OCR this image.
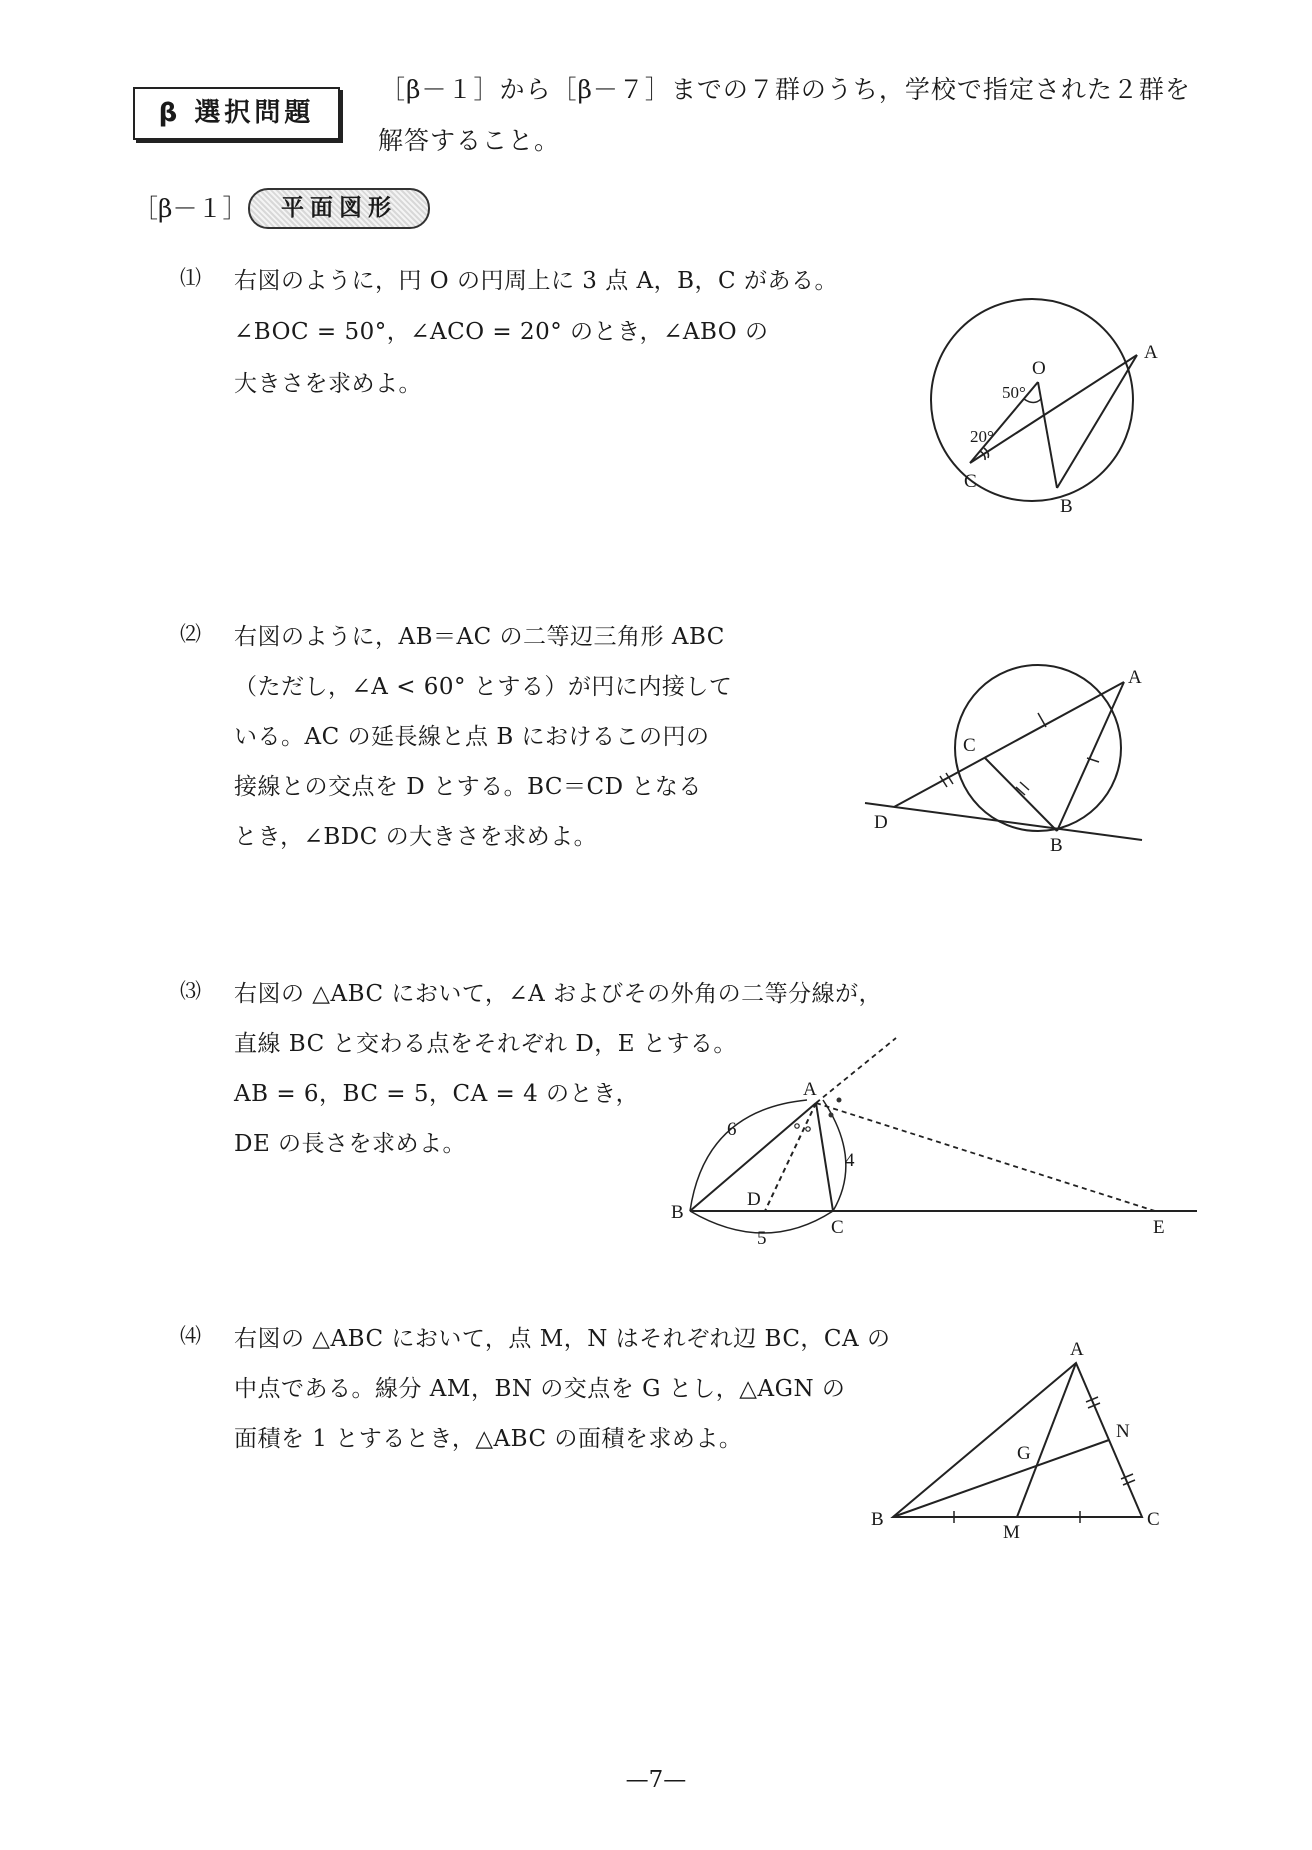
β 選択問題
［β－１］から［β－７］までの７群のうち，学校で指定された２群を
解答すること。
［β－１］	平面図形
⑴ 右図のように，円 O の円周上に 3 点 A，B，C がある。
∠BOC = 50°，∠ACO = 20° のとき，∠ABO の
大きさを求めよ。
O
A
B
C
50°
20°
⑵ 右図のように，AB＝AC の二等辺三角形 ABC
（ただし，∠A < 60° とする）が円に内接して
いる。AC の延長線と点 B におけるこの円の
接線との交点を D とする。BC＝CD となる
とき，∠BDC の大きさを求めよ。
A
C
D
B
⑶ 右図の △ABC において，∠A およびその外角の二等分線が，
直線 BC と交わる点をそれぞれ D，E とする。
AB = 6，BC = 5，CA = 4 のとき，
DE の長さを求めよ。
A
B
D
C	E
6
4
5
⑷ 右図の △ABC において，点 M，N はそれぞれ辺 BC，CA の
中点である。線分 AM，BN の交点を G とし，△AGN の
面積を 1 とするとき，△ABC の面積を求めよ。
A
N
G
B
M
C
—7—
